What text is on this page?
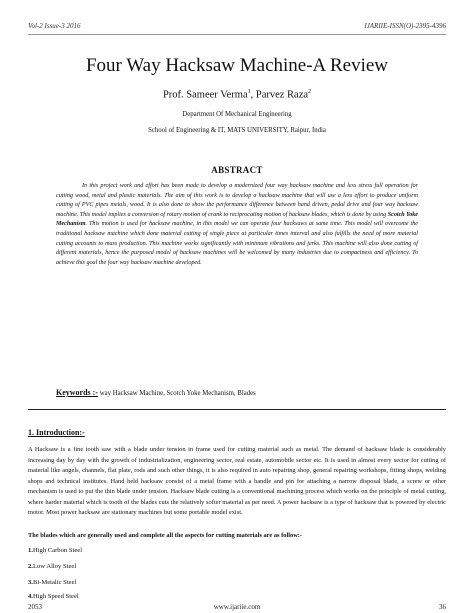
Vol-2 Issue-3 2016	IJARIIE-ISSN(O)-2395-4396
Four Way Hacksaw Machine-A Review
Prof. Sameer Verma$^1$, Parvez Raza$^2$
Department Of Mechanical Engineering
School of Engineering & IT, MATS UNIVERSITY, Raipur, India
ABSTRACT
In this project work and effort has been made to develop a modernized four way hacksaw machine and less stress full operation for cutting wood, metal and plastic materials. The aim of this work is to develop a hacksaw machine that will use a less effort to produce uniform cutting of PVC pipes metals, wood. It is also done to show the performance difference between hand driven, pedal drive and four way hacksaw machine. This model implies a conversion of rotary motion of crank to reciprocating motion of hacksaw blades, which is done by using Scotch Yoke Mechanism. This motion is used for hacksaw machine, in this model we can operate four hacksaws at same time. This model will overcome the traditional hacksaw machine which done material cutting of single piece at particular times interval and also fulfills the need of more material cutting accounts to mass production. This machine works significantly with minimum vibrations and jerks. This machine will also done cutting of different materials, hence the purposed model of hacksaw machines will be welcomed by many industries due to compactness and efficiency. To achieve this goal the four way hacksaw machine developed.
Keywords :- way Hacksaw Machine, Scotch Yoke Mechanism, Blades
1. Introduction:-
A Hacksaw is a fine tooth saw with a blade under tension in frame used for cutting material such as metal. The demand of hacksaw blade is considerably increasing day by day with the growth of industrialization, engineering sector, real estate, automobile sector etc. It is used in almost every sector for cutting of material like angels, channels, flat plate, rods and such other things, it is also required in auto repairing shop, general repairing workshops, fitting shops, welding shops and technical institutes. Hand held hacksaw consist of a metal frame with a handle and pin for attaching a narrow disposal blade, a screw or other mechanism is used to put the thin blade under tension. Hacksaw blade cutting is a conventional machining process which works on the principle of metal cutting, where harder material which is tooth of the blades cuts the relatively softer material as per need. A power hacksaw is a type of hacksaw that is powered by electric motor. Most power hacksaw are stationary machines but some portable model exist.
The blades which are generally used and complete all the aspects for cutting materials are as follow:-
1.High Carbon Steel
2.Low Alloy Steel
3.Bi-Metalic Steel
4.High Speed Steel
2053	www.ijariie.com	36
